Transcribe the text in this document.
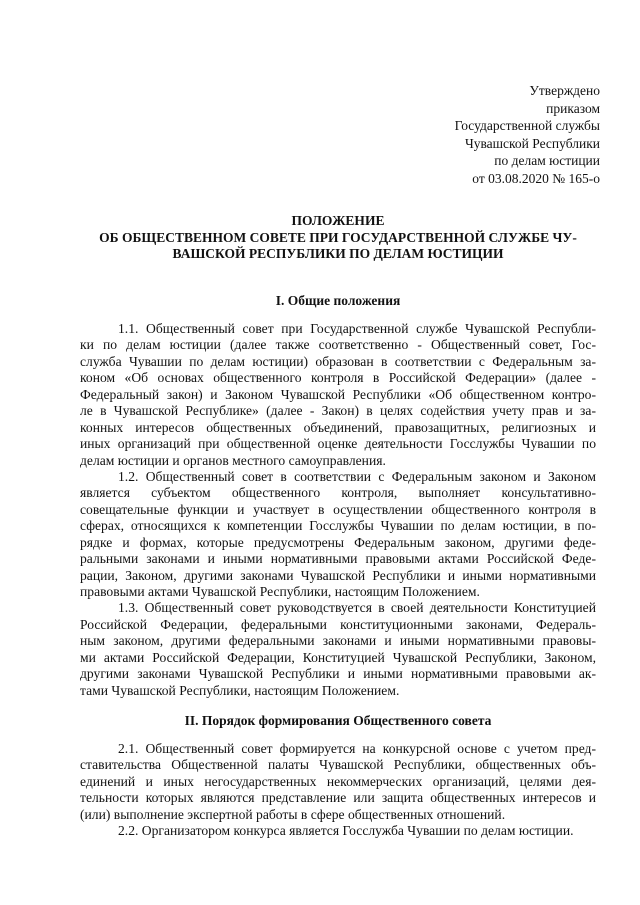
Утверждено
приказом
Государственной службы
Чувашской Республики
по делам юстиции
от 03.08.2020 № 165-о
ПОЛОЖЕНИЕ
ОБ ОБЩЕСТВЕННОМ СОВЕТЕ ПРИ ГОСУДАРСТВЕННОЙ СЛУЖБЕ ЧУ-
ВАШСКОЙ РЕСПУБЛИКИ ПО ДЕЛАМ ЮСТИЦИИ
I. Общие положения
1.1. Общественный совет при Государственной службе Чувашской Республи-
ки по делам юстиции (далее также соответственно - Общественный совет, Гос-
служба Чувашии по делам юстиции) образован в соответствии с Федеральным за-
коном «Об основах общественного контроля в Российской Федерации» (далее -
Федеральный закон) и Законом Чувашской Республики «Об общественном контро-
ле в Чувашской Республике» (далее - Закон) в целях содействия учету прав и за-
конных интересов общественных объединений, правозащитных, религиозных и
иных организаций при общественной оценке деятельности Госслужбы Чувашии по
делам юстиции и органов местного самоуправления.
1.2. Общественный совет в соответствии с Федеральным законом и Законом
является субъектом общественного контроля, выполняет консультативно-
совещательные функции и участвует в осуществлении общественного контроля в
сферах, относящихся к компетенции Госслужбы Чувашии по делам юстиции, в по-
рядке и формах, которые предусмотрены Федеральным законом, другими феде-
ральными законами и иными нормативными правовыми актами Российской Феде-
рации, Законом, другими законами Чувашской Республики и иными нормативными
правовыми актами Чувашской Республики, настоящим Положением.
1.3. Общественный совет руководствуется в своей деятельности Конституцией
Российской Федерации, федеральными конституционными законами, Федераль-
ным законом, другими федеральными законами и иными нормативными правовы-
ми актами Российской Федерации, Конституцией Чувашской Республики, Законом,
другими законами Чувашской Республики и иными нормативными правовыми ак-
тами Чувашской Республики, настоящим Положением.
II. Порядок формирования Общественного совета
2.1. Общественный совет формируется на конкурсной основе с учетом пред-
ставительства Общественной палаты Чувашской Республики, общественных объ-
единений и иных негосударственных некоммерческих организаций, целями дея-
тельности которых являются представление или защита общественных интересов и
(или) выполнение экспертной работы в сфере общественных отношений.
2.2. Организатором конкурса является Госслужба Чувашии по делам юстиции.
